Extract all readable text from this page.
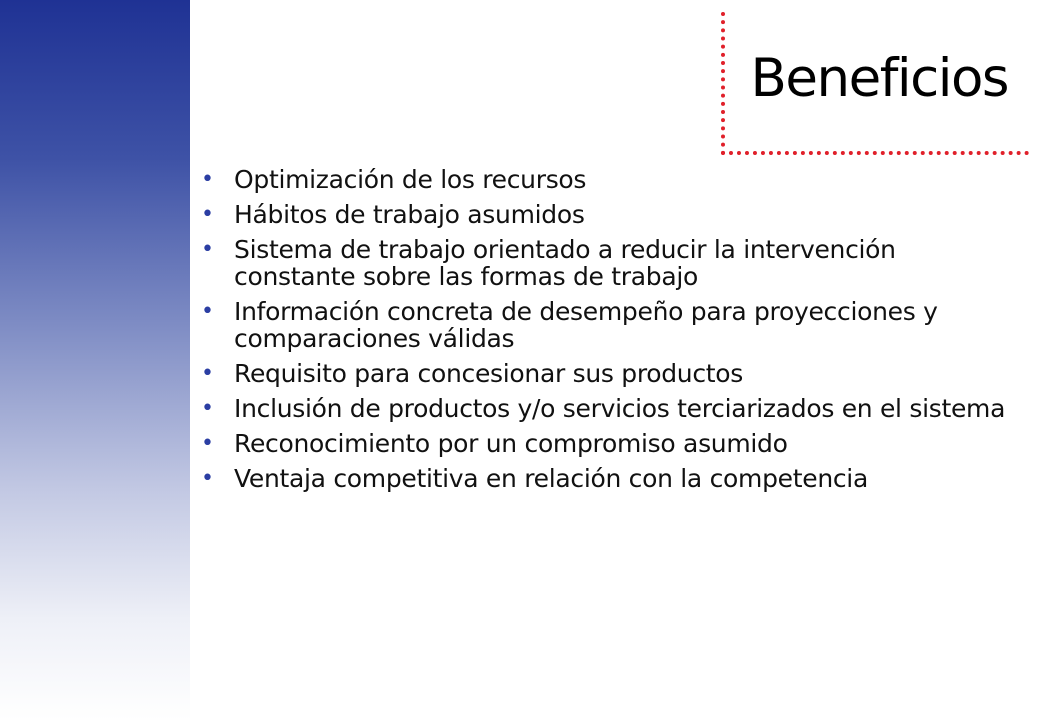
Beneficios
• Optimización de los recursos
• Hábitos de trabajo asumidos
• Sistema de trabajo orientado a reducir la intervención constante sobre las formas de trabajo
• Información concreta de desempeño para proyecciones y comparaciones válidas
• Requisito para concesionar sus productos
• Inclusión de productos y/o servicios terciarizados en el sistema
• Reconocimiento por un compromiso asumido
• Ventaja competitiva en relación con la competencia
